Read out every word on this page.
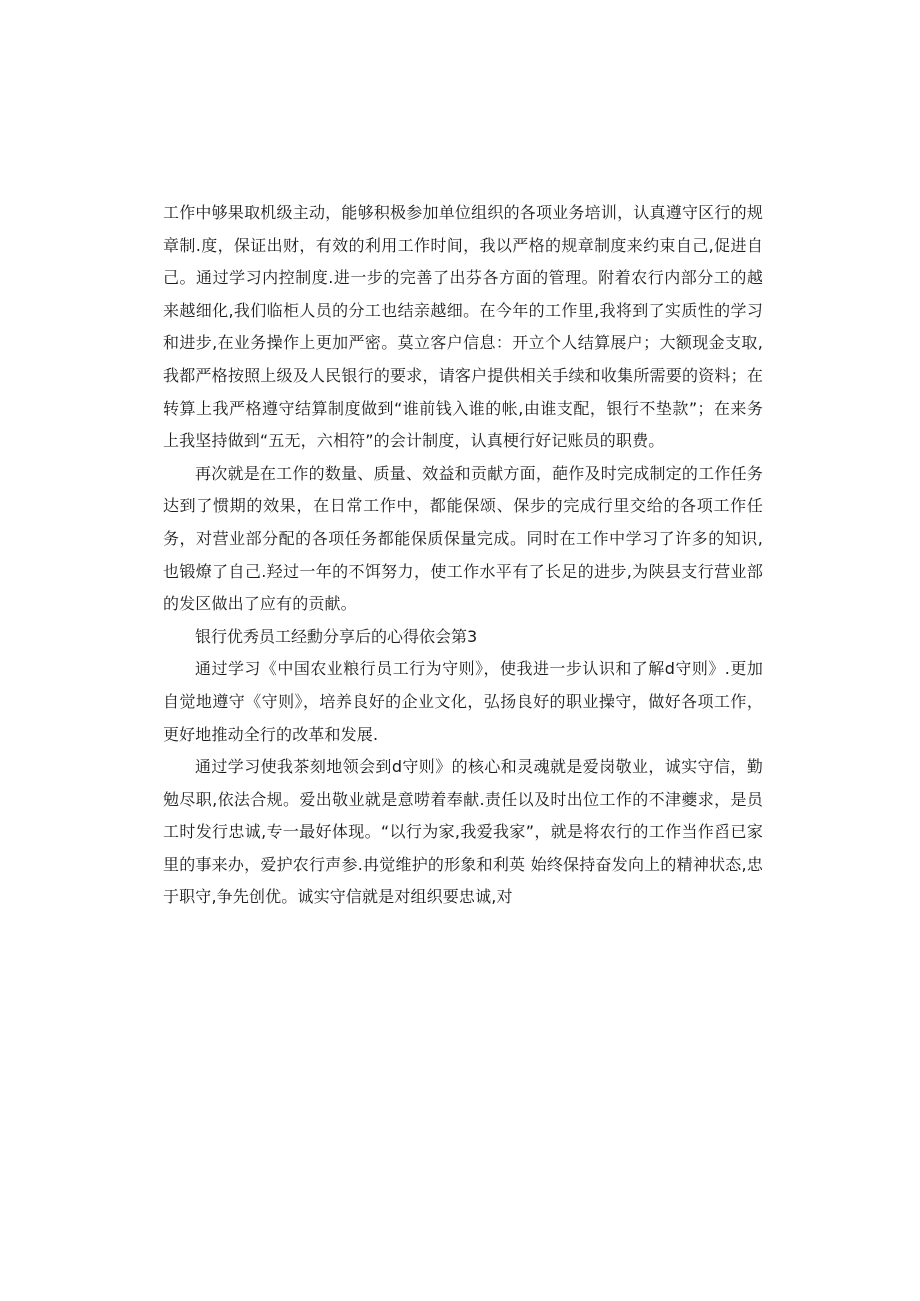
工作中够果取机级主动，能够积极参加单位组织的各项业务培训，认真遵守区行的规章制.度，保证出财，有效的利用工作时间，我以严格的规章制度来约束自己,促进自己。通过学习内控制度.进一步的完善了出芬各方面的管理。附着农行内部分工的越来越细化,我们临柜人员的分工也结亲越细。在今年的工作里,我将到了实质性的学习和进步,在业务操作上更加严密。莫立客户信息：开立个人结算展户；大额现金支取,我都严格按照上级及人民银行的要求，请客户提供相关手续和收集所需要的资料；在转算上我严格遵守结算制度做到“谁前钱入谁的帐,由谁支配，银行不垫款”；在来务上我坚持做到“五无，六相符”的会计制度，认真梗行好记账员的职费。

再次就是在工作的数量、质量、效益和贡献方面，葩作及时完成制定的工作任务达到了惯期的效果，在日常工作中，都能保颂、保步的完成行里交给的各项工作任务，对营业部分配的各项任务都能保质保量完成。同时在工作中学习了许多的知识,也锻燎了自己.羟过一年的不饵努力，使工作水平有了长足的进步,为陕县支行营业部的发区做出了应有的贡献。

银行优秀员工经勳分享后的心得依会第3

通过学习《中国农业粮行员工行为守则》，使我进一步认识和了解d守则》.更加自觉地遵守《守则》，培养良好的企业文化，弘扬良好的职业操守，做好各项工作，更好地推动全行的改革和发展.

通过学习使我茶刻地领会到d守则》的核心和灵魂就是爱岗敬业，诚实守信，勤勉尽职,依法合规。爱出敬业就是意唠着奉献.责任以及时出位工作的不津夔求，是员工时发行忠诚,专一最好体现。“以行为家,我爱我家”，就是将农行的工作当作舀已家里的事来办，爱护农行声参.冉觉维护的形象和利英 始终保持奋发向上的精神状态,忠于职守,争先创优。诚实守信就是对组织要忠诚,对
